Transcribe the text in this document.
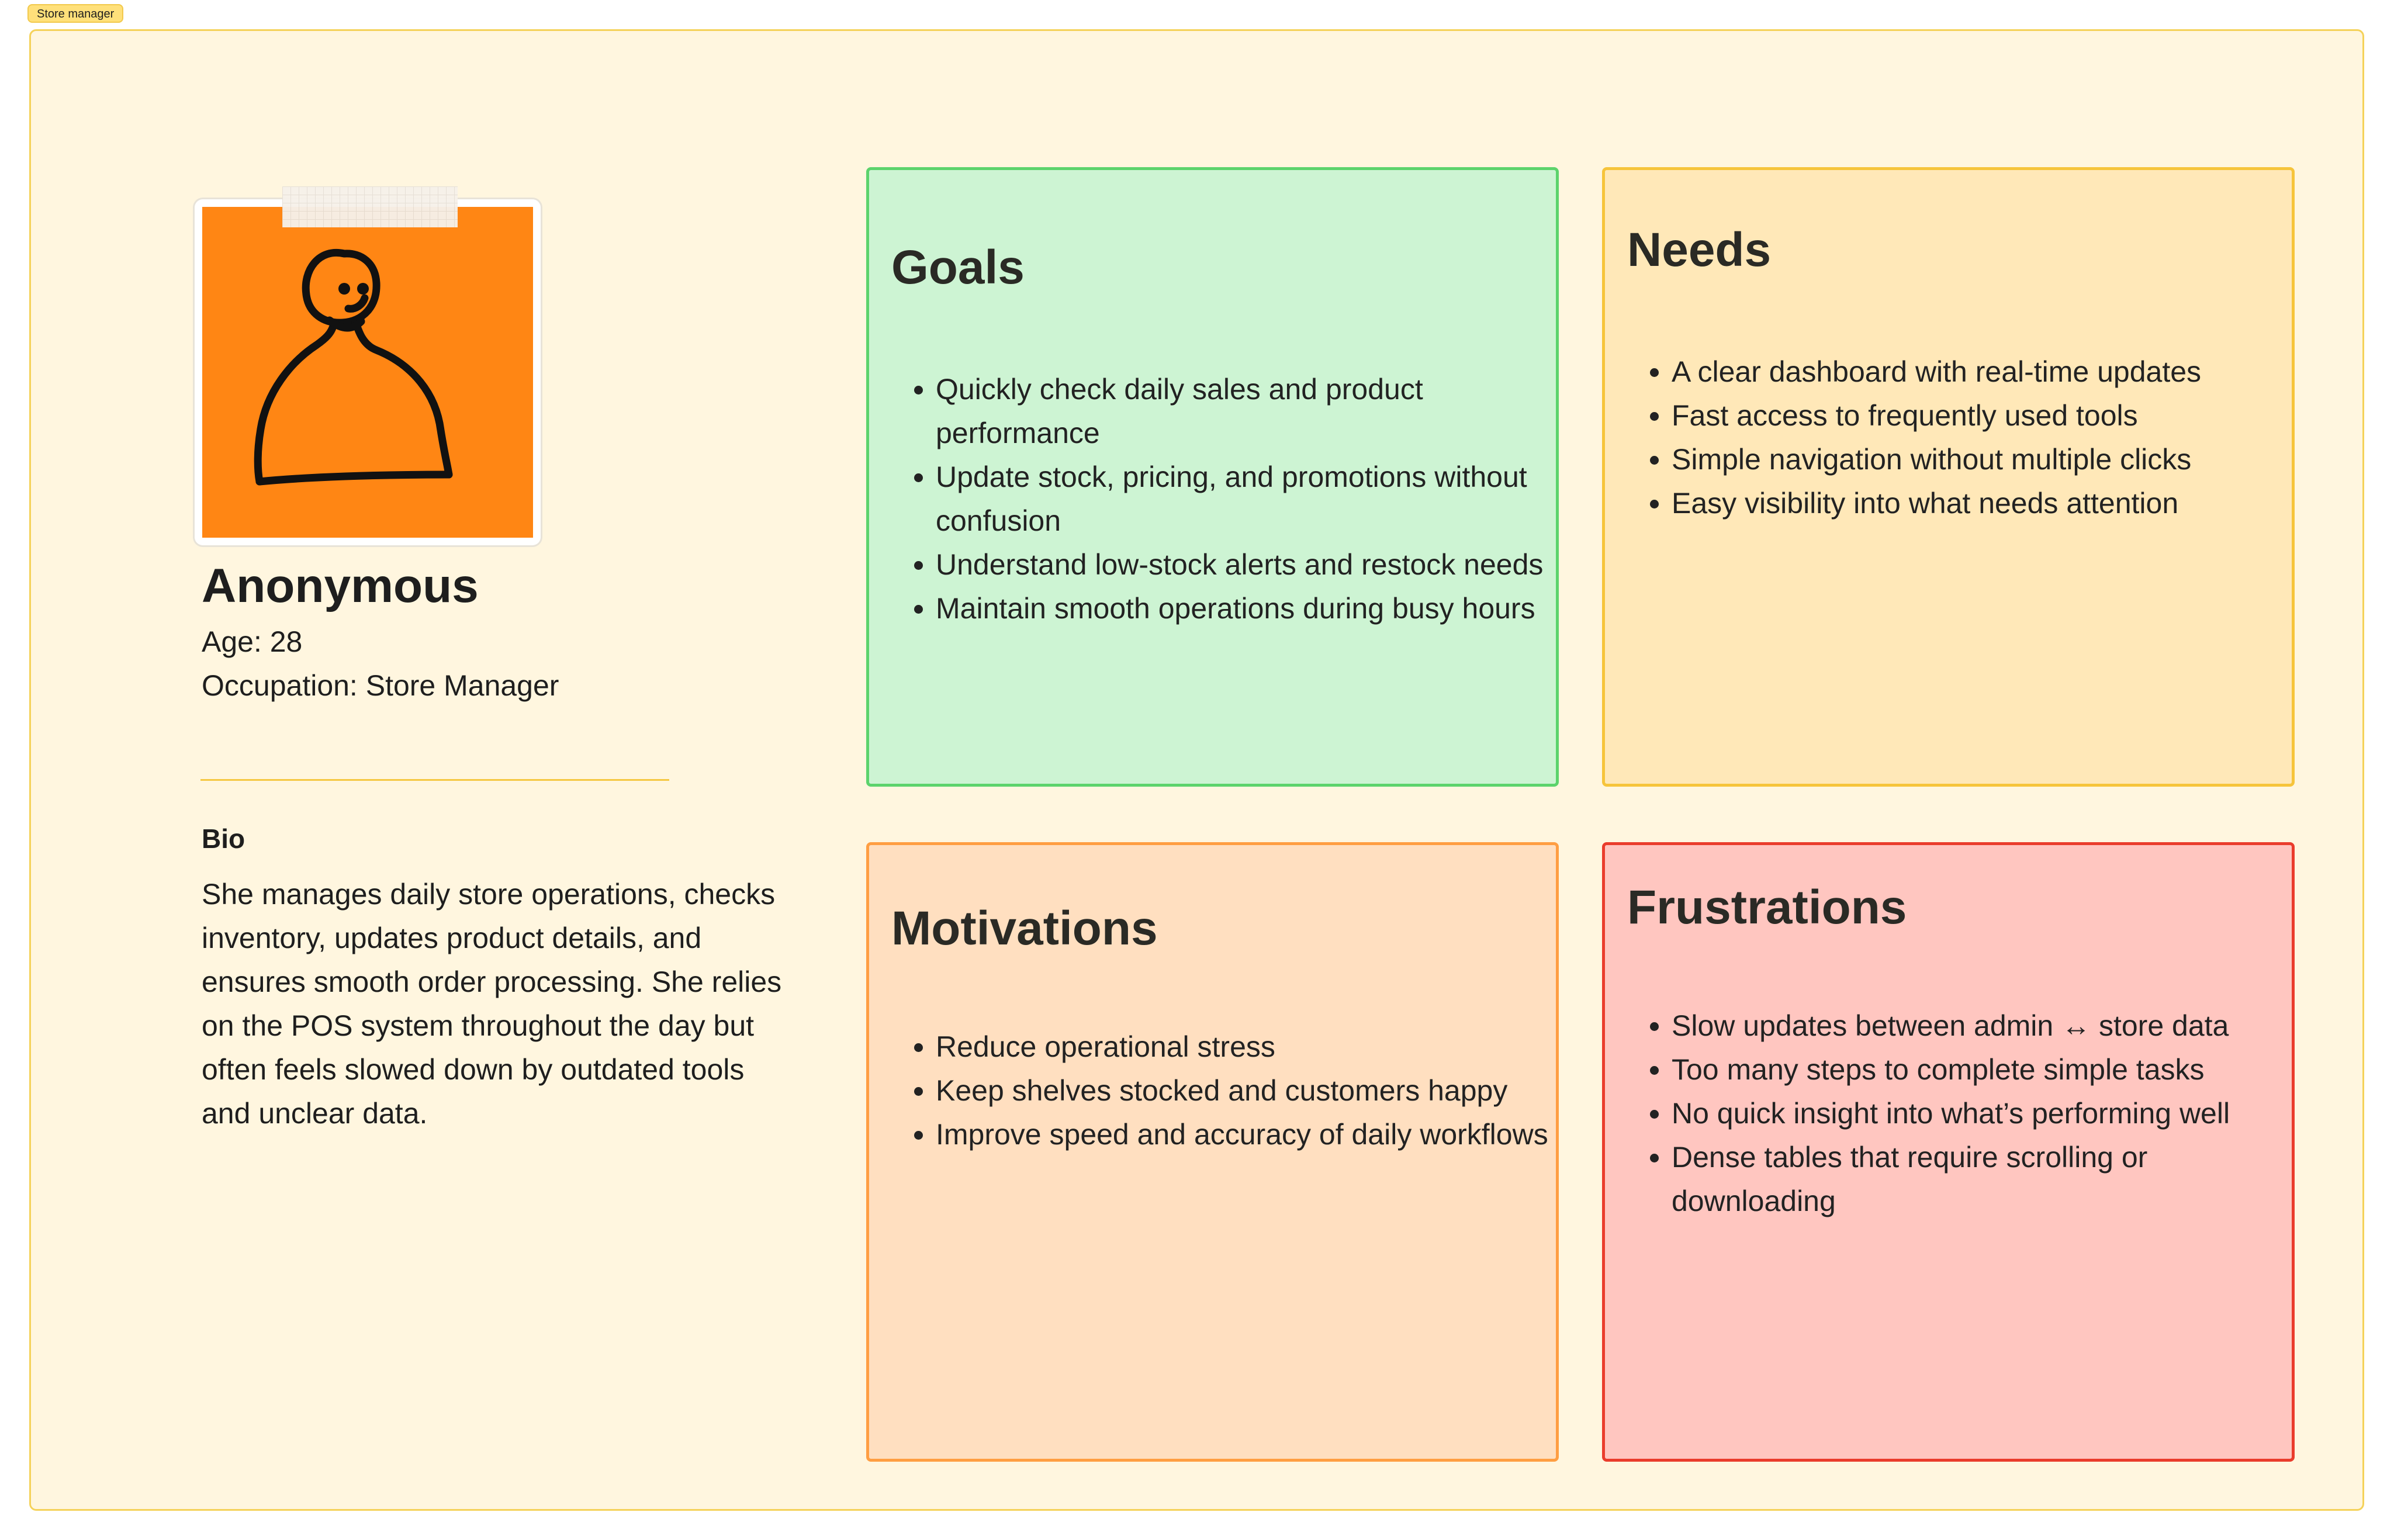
Store manager
Anonymous

Age: 28

Occupation: Store Manager

Bio

She manages daily store operations, checks inventory, updates product details, and ensures smooth order processing. She relies on the POS system throughout the day but often feels slowed down by outdated tools and unclear data.

Goals
• Quickly check daily sales and product performance
• Update stock, pricing, and promotions without confusion
• Understand low-stock alerts and restock needs
• Maintain smooth operations during busy hours
Needs
• A clear dashboard with real-time updates
• Fast access to frequently used tools
• Simple navigation without multiple clicks
• Easy visibility into what needs attention
Motivations
• Reduce operational stress
• Keep shelves stocked and customers happy
• Improve speed and accuracy of daily workflows
Frustrations
• Slow updates between admin ↔ store data
• Too many steps to complete simple tasks
• No quick insight into what’s performing well
• Dense tables that require scrolling or downloading
